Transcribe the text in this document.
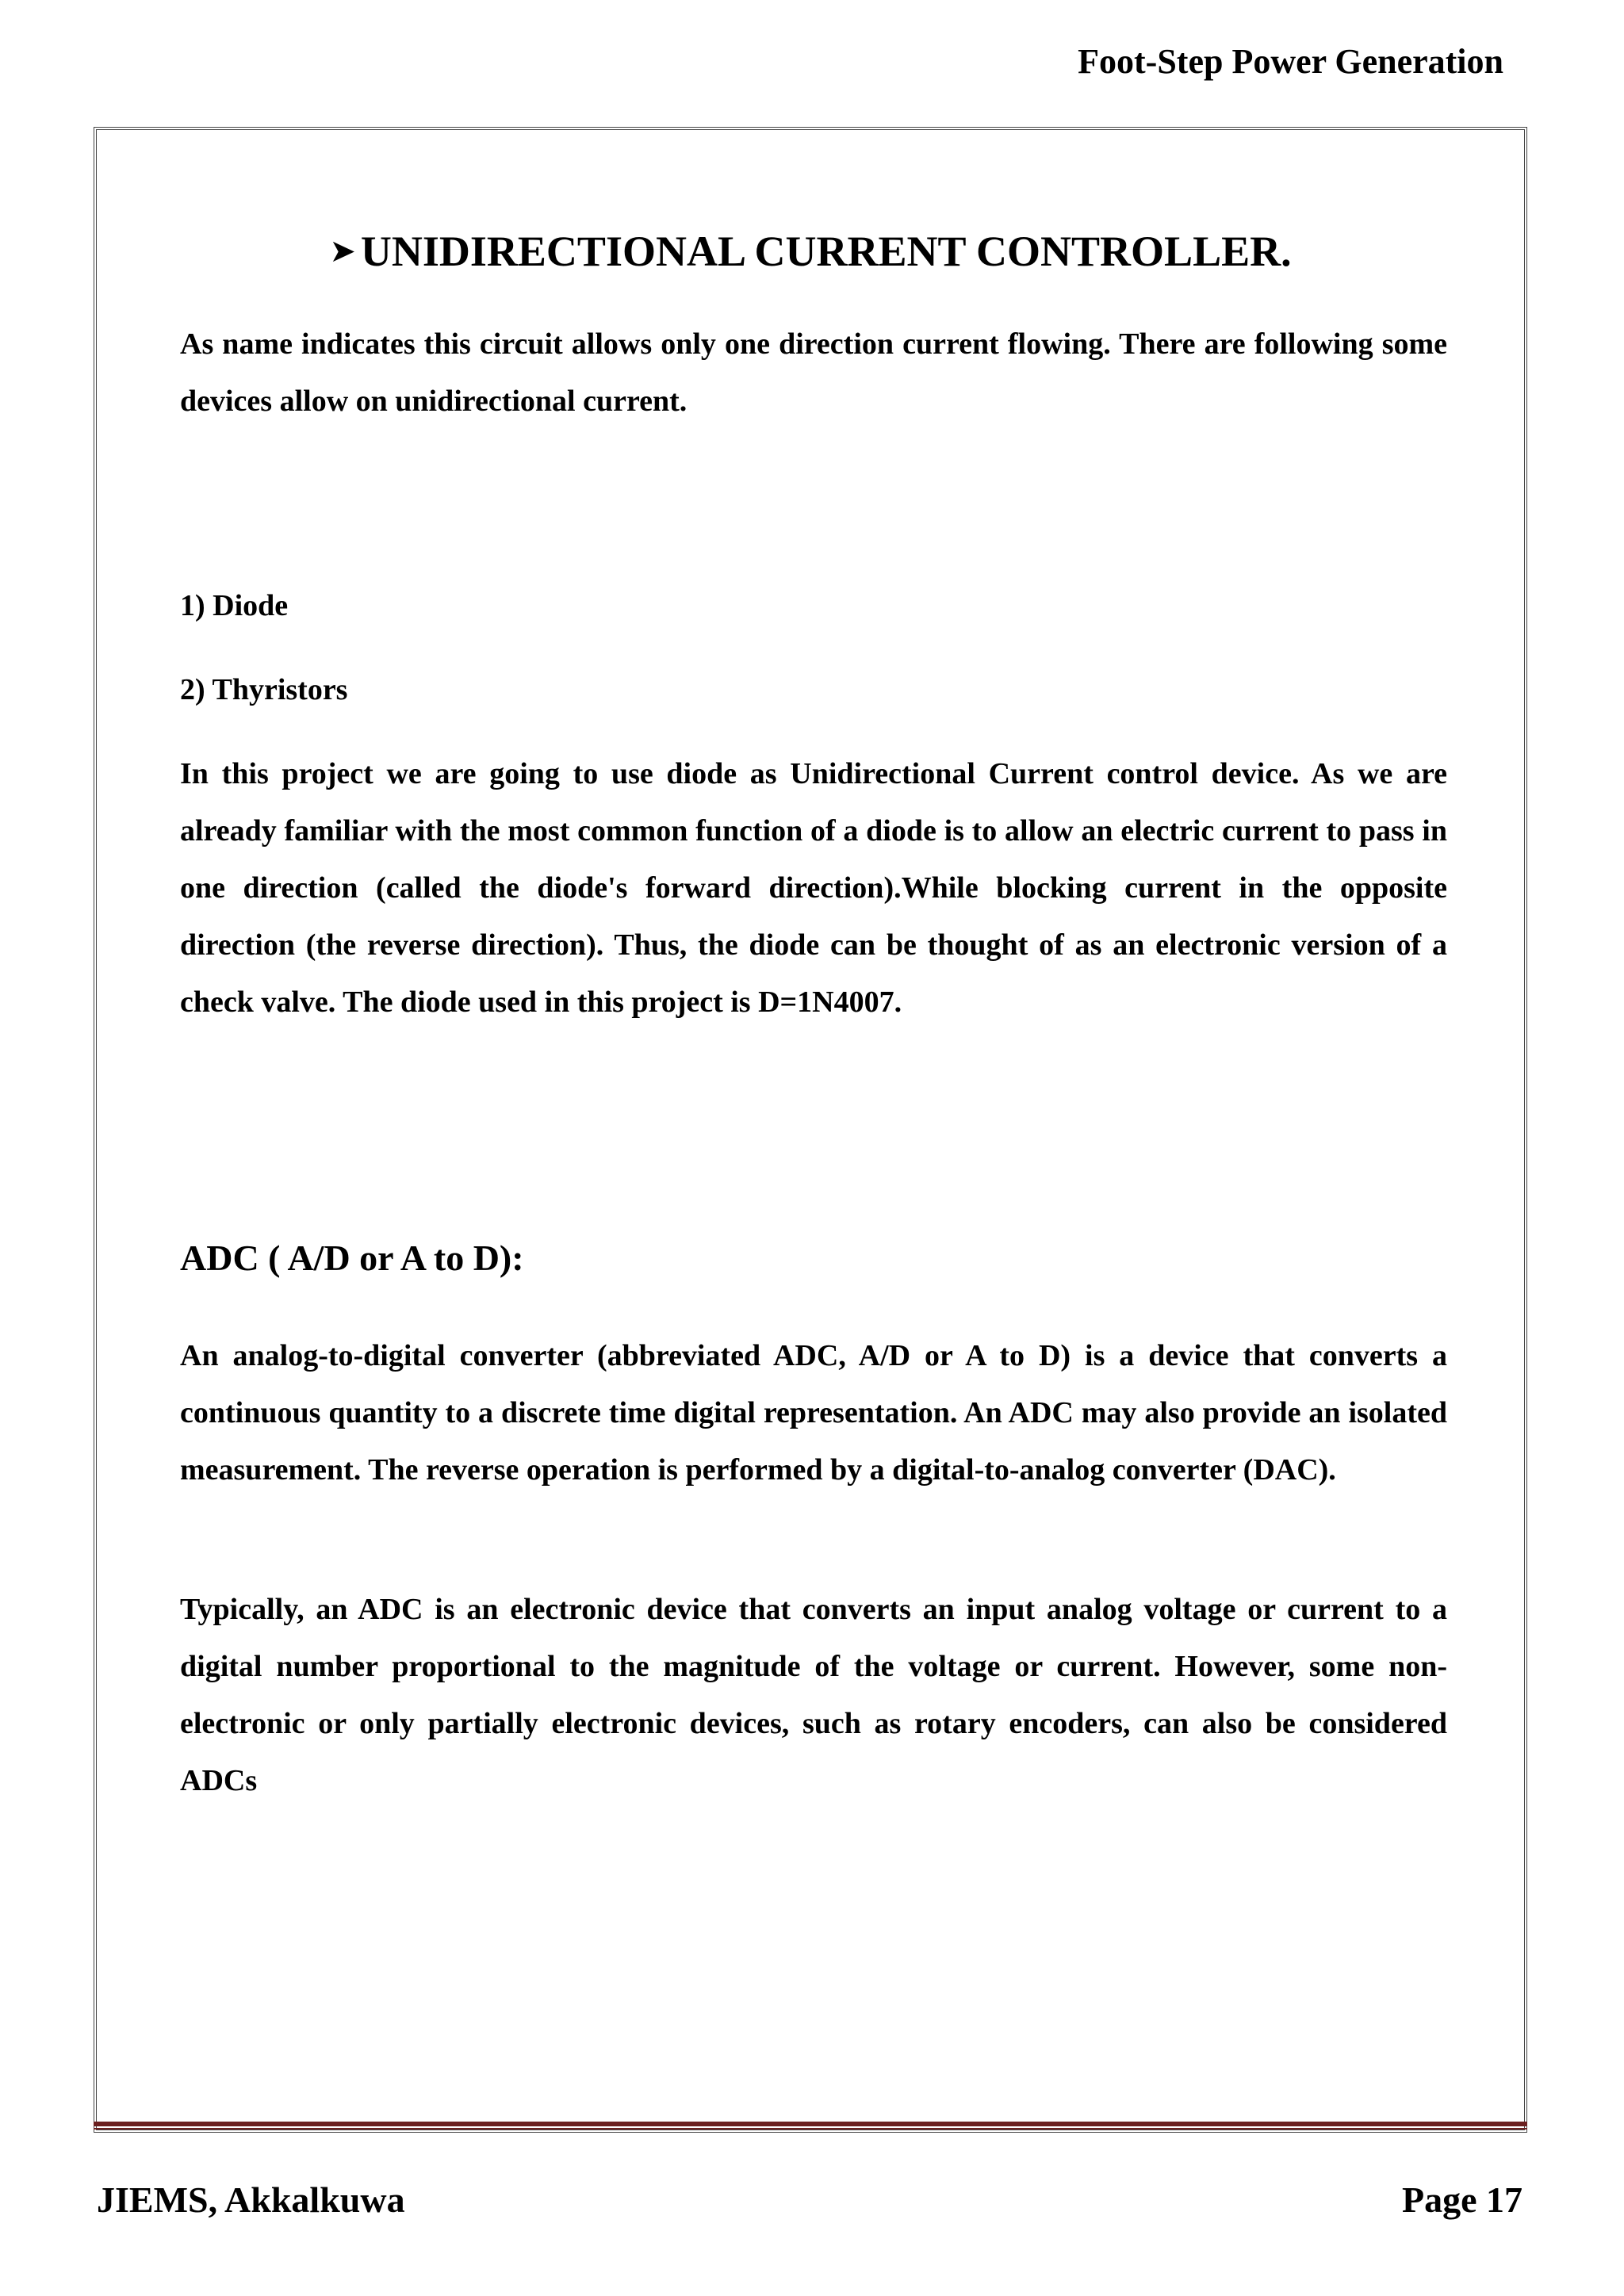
Foot-Step Power Generation
➤ UNIDIRECTIONAL CURRENT CONTROLLER.

As name indicates this circuit allows only one direction current flowing. There are following some devices allow on unidirectional current.

1) Diode

2) Thyristors

In this project we are going to use diode as Unidirectional Current control device. As we are already familiar with the most common function of a diode is to allow an electric current to pass in one direction (called the diode's forward direction).While blocking current in the opposite direction (the reverse direction). Thus, the diode can be thought of as an electronic version of a check valve. The diode used in this project is D=1N4007.

ADC ( A/D or A to D):

An analog-to-digital converter (abbreviated ADC, A/D or A to D) is a device that converts a continuous quantity to a discrete time digital representation. An ADC may also provide an isolated measurement. The reverse operation is performed by a digital-to-analog converter (DAC).

Typically, an ADC is an electronic device that converts an input analog voltage or current to a digital number proportional to the magnitude of the voltage or current. However, some non-electronic or only partially electronic devices, such as rotary encoders, can also be considered ADCs

JIEMS, Akkalkuwa	Page 17
